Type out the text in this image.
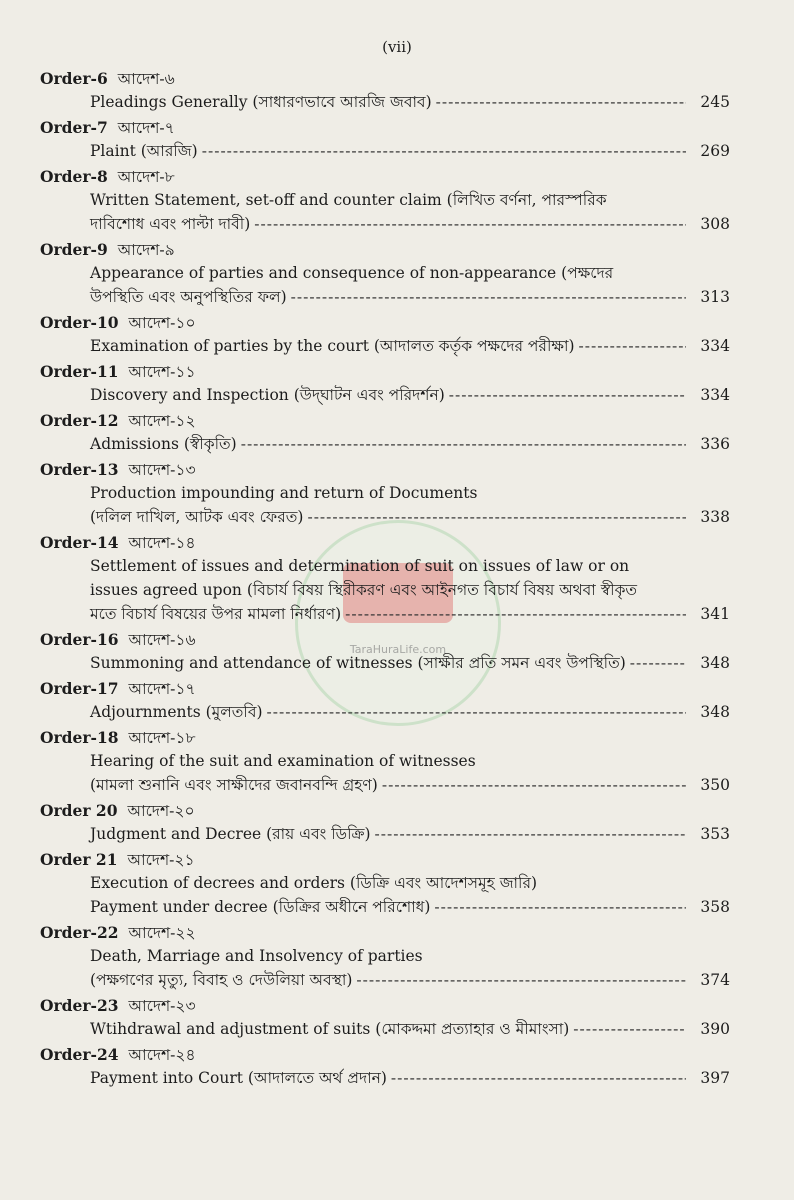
(vii)
TaraHuraLife.com
Order-6 আদেশ-৬
Pleadings Generally (সাধারণভাবে আরজি জবাব) -----	245
Order-7 আদেশ-৭
Plaint (আরজি) -----	269
Order-8 আদেশ-৮
Written Statement, set-off and counter claim (লিখিত বর্ণনা, পারস্পরিক
দাবিশোধ এবং পাল্টা দাবী) -----	308
Order-9 আদেশ-৯
Appearance of parties and consequence of non-appearance (পক্ষদের
উপস্থিতি এবং অনুপস্থিতির ফল) -----	313
Order-10 আদেশ-১০
Examination of parties by the court (আদালত কর্তৃক পক্ষদের পরীক্ষা) -----	334
Order-11 আদেশ-১১
Discovery and Inspection (উদ্‌ঘাটন এবং পরিদর্শন) -----	334
Order-12 আদেশ-১২
Admissions (স্বীকৃতি) -----	336
Order-13 আদেশ-১৩
Production impounding and return of Documents
(দলিল দাখিল, আটক এবং ফেরত) -----	338
Order-14 আদেশ-১৪
Settlement of issues and determination of suit on issues of law or on
issues agreed upon (বিচার্য বিষয় স্থিরীকরণ এবং আইনগত বিচার্য বিষয় অথবা স্বীকৃত
মতে বিচার্য বিষয়ের উপর মামলা নির্ধারণ) -----	341
Order-16 আদেশ-১৬
Summoning and attendance of witnesses (সাক্ষীর প্রতি সমন এবং উপস্থিতি) -----	348
Order-17 আদেশ-১৭
Adjournments (মুলতবি) -----	348
Order-18 আদেশ-১৮
Hearing of the suit and examination of witnesses
(মামলা শুনানি এবং সাক্ষীদের জবানবন্দি গ্রহণ) -----	350
Order 20 আদেশ-২০
Judgment and Decree (রায় এবং ডিক্রি) -----	353
Order 21 আদেশ-২১
Execution of decrees and orders (ডিক্রি এবং আদেশসমূহ জারি)
Payment under decree (ডিক্রির অধীনে পরিশোধ) -----	358
Order-22 আদেশ-২২
Death, Marriage and Insolvency of parties
(পক্ষগণের মৃত্যু, বিবাহ ও দেউলিয়া অবস্থা) -----	374
Order-23 আদেশ-২৩
Wtihdrawal and adjustment of suits (মোকদ্দমা প্রত্যাহার ও মীমাংসা) -----	390
Order-24 আদেশ-২৪
Payment into Court (আদালতে অর্থ প্রদান) -----	397
